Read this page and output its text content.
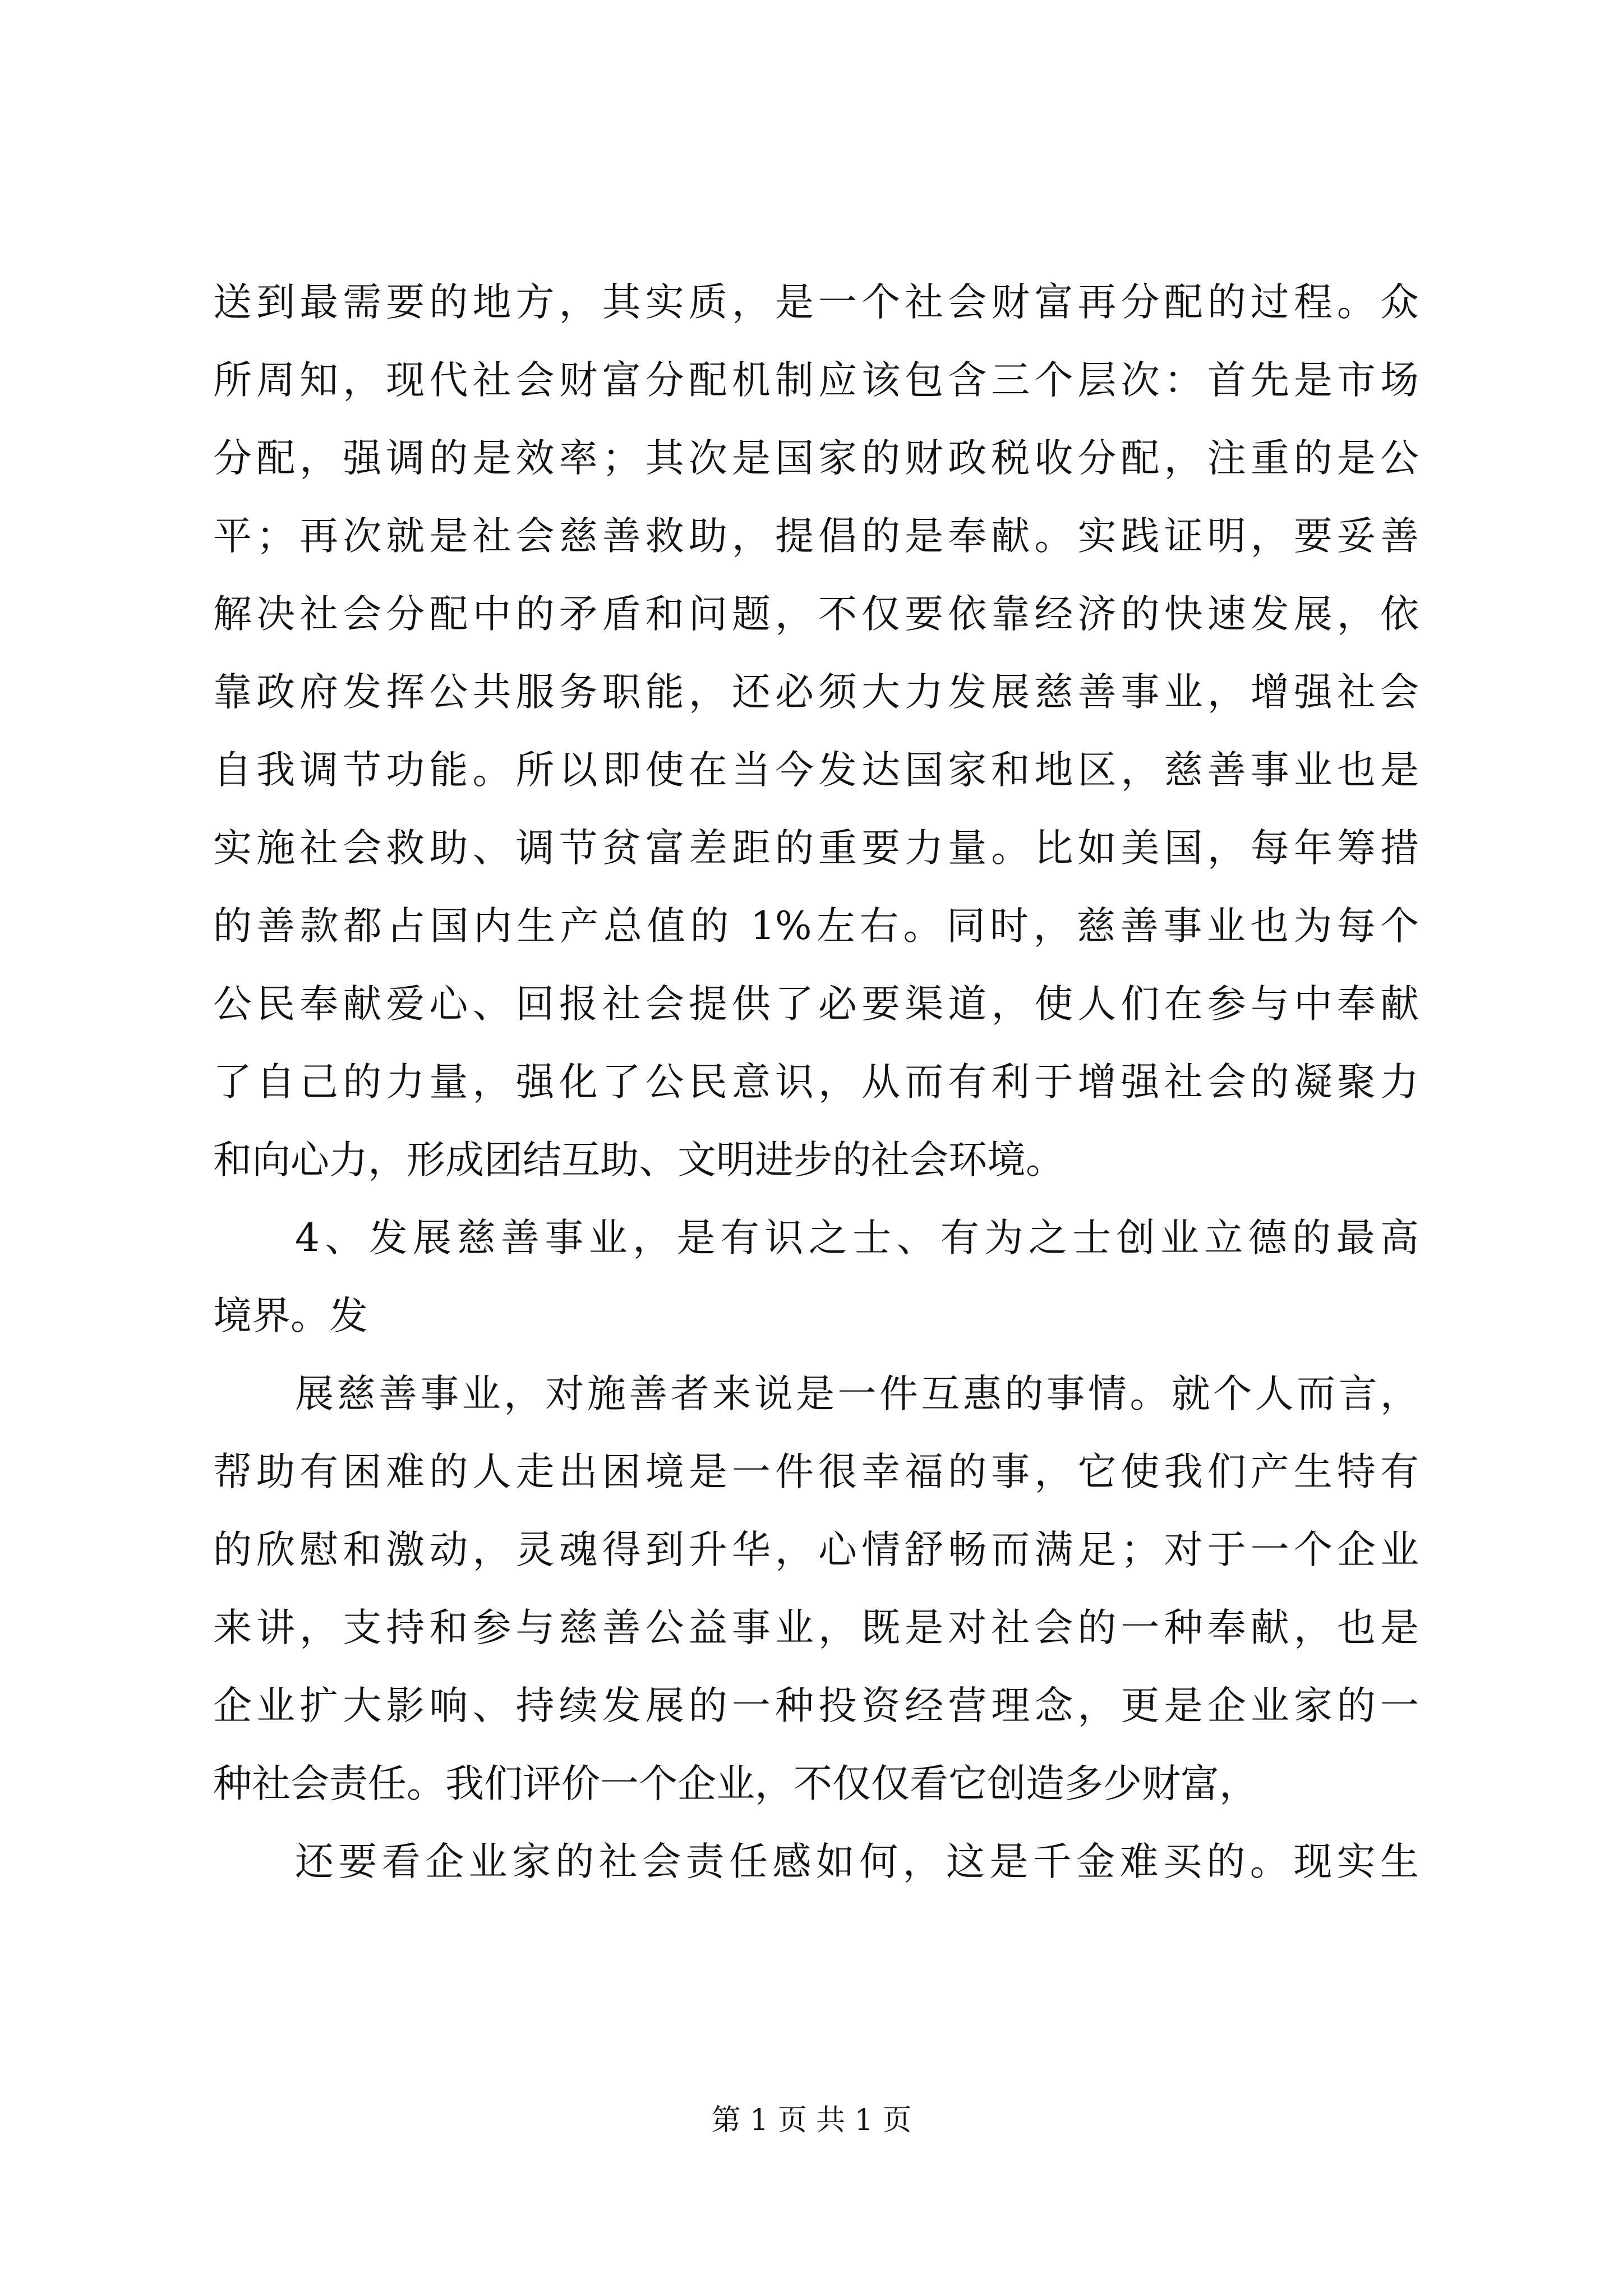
送到最需要的地方，其实质，是一个社会财富再分配的过程。众
所周知，现代社会财富分配机制应该包含三个层次：首先是市场
分配，强调的是效率；其次是国家的财政税收分配，注重的是公
平；再次就是社会慈善救助，提倡的是奉献。实践证明，要妥善
解决社会分配中的矛盾和问题，不仅要依靠经济的快速发展，依
靠政府发挥公共服务职能，还必须大力发展慈善事业，增强社会
自我调节功能。所以即使在当今发达国家和地区，慈善事业也是
实施社会救助、调节贫富差距的重要力量。比如美国，每年筹措
的善款都占国内生产总值的 1%左右。同时，慈善事业也为每个
公民奉献爱心、回报社会提供了必要渠道，使人们在参与中奉献
了自己的力量，强化了公民意识，从而有利于增强社会的凝聚力
和向心力，形成团结互助、文明进步的社会环境。
4、发展慈善事业，是有识之士、有为之士创业立德的最高
境界。发
展慈善事业，对施善者来说是一件互惠的事情。就个人而言，
帮助有困难的人走出困境是一件很幸福的事，它使我们产生特有
的欣慰和激动，灵魂得到升华，心情舒畅而满足；对于一个企业
来讲，支持和参与慈善公益事业，既是对社会的一种奉献，也是
企业扩大影响、持续发展的一种投资经营理念，更是企业家的一
种社会责任。我们评价一个企业，不仅仅看它创造多少财富，
还要看企业家的社会责任感如何，这是千金难买的。现实生
第 1 页 共 1 页
